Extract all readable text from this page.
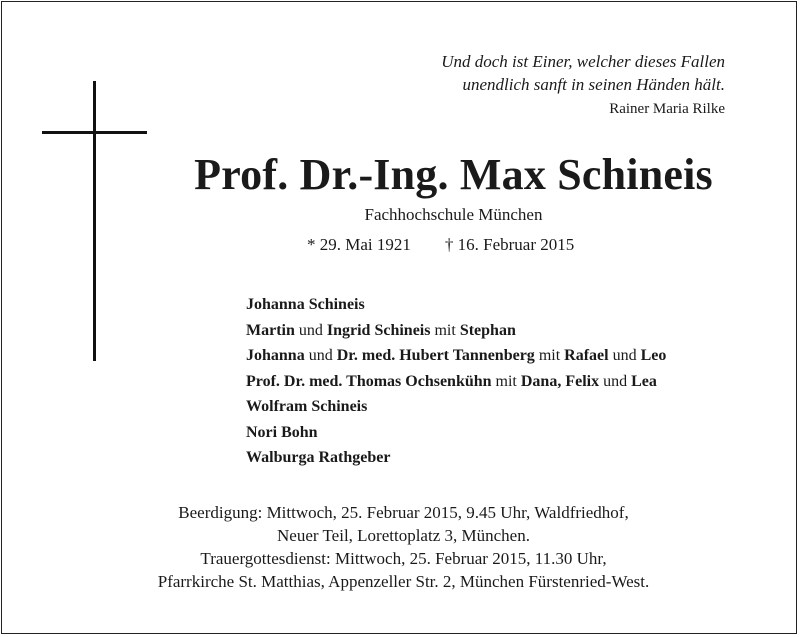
Und doch ist Einer, welcher dieses Fallen
unendlich sanft in seinen Händen hält.
Rainer Maria Rilke
Prof. Dr.-Ing. Max Schineis
Fachhochschule München
* 29. Mai 1921 † 16. Februar 2015
Johanna Schineis
Martin und Ingrid Schineis mit Stephan
Johanna und Dr. med. Hubert Tannenberg mit Rafael und Leo
Prof. Dr. med. Thomas Ochsenkühn mit Dana, Felix und Lea
Wolfram Schineis
Nori Bohn
Walburga Rathgeber
Beerdigung: Mittwoch, 25. Februar 2015, 9.45 Uhr, Waldfriedhof,
Neuer Teil, Lorettoplatz 3, München.
Trauergottesdienst: Mittwoch, 25. Februar 2015, 11.30 Uhr,
Pfarrkirche St. Matthias, Appenzeller Str. 2, München Fürstenried-West.
